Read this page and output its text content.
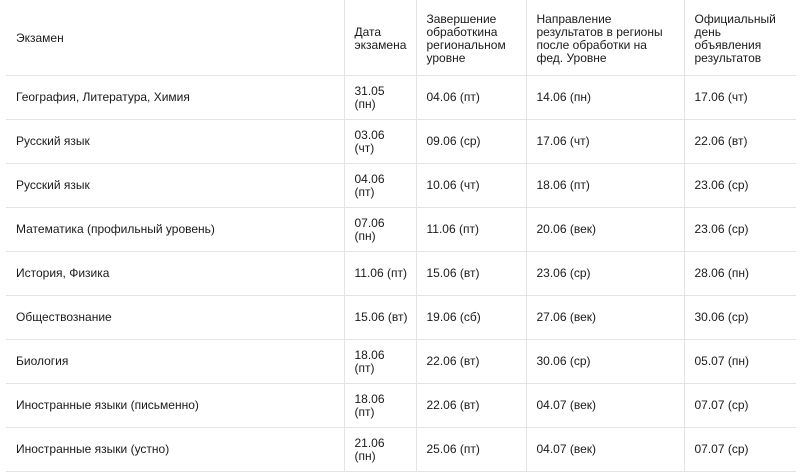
Экзамен	Дата экзамена	Завершение обработкина региональном уровне	Направление результатов в регионы после обработки на фед. Уровне	Официальный день объявления результатов
География, Литература, Химия	31.05 (пн)	04.06 (пт)	14.06 (пн)	17.06 (чт)
Русский язык	03.06 (чт)	09.06 (ср)	17.06 (чт)	22.06 (вт)
Русский язык	04.06 (пт)	10.06 (чт)	18.06 (пт)	23.06 (ср)
Математика (профильный уровень)	07.06 (пн)	11.06 (пт)	20.06 (век)	23.06 (ср)
История, Физика	11.06 (пт)	15.06 (вт)	23.06 (ср)	28.06 (пн)
Обществознание	15.06 (вт)	19.06 (сб)	27.06 (век)	30.06 (ср)
Биология	18.06 (пт)	22.06 (вт)	30.06 (ср)	05.07 (пн)
Иностранные языки (письменно)	18.06 (пт)	22.06 (вт)	04.07 (век)	07.07 (ср)
Иностранные языки (устно)	21.06 (пн)	25.06 (пт)	04.07 (век)	07.07 (ср)
